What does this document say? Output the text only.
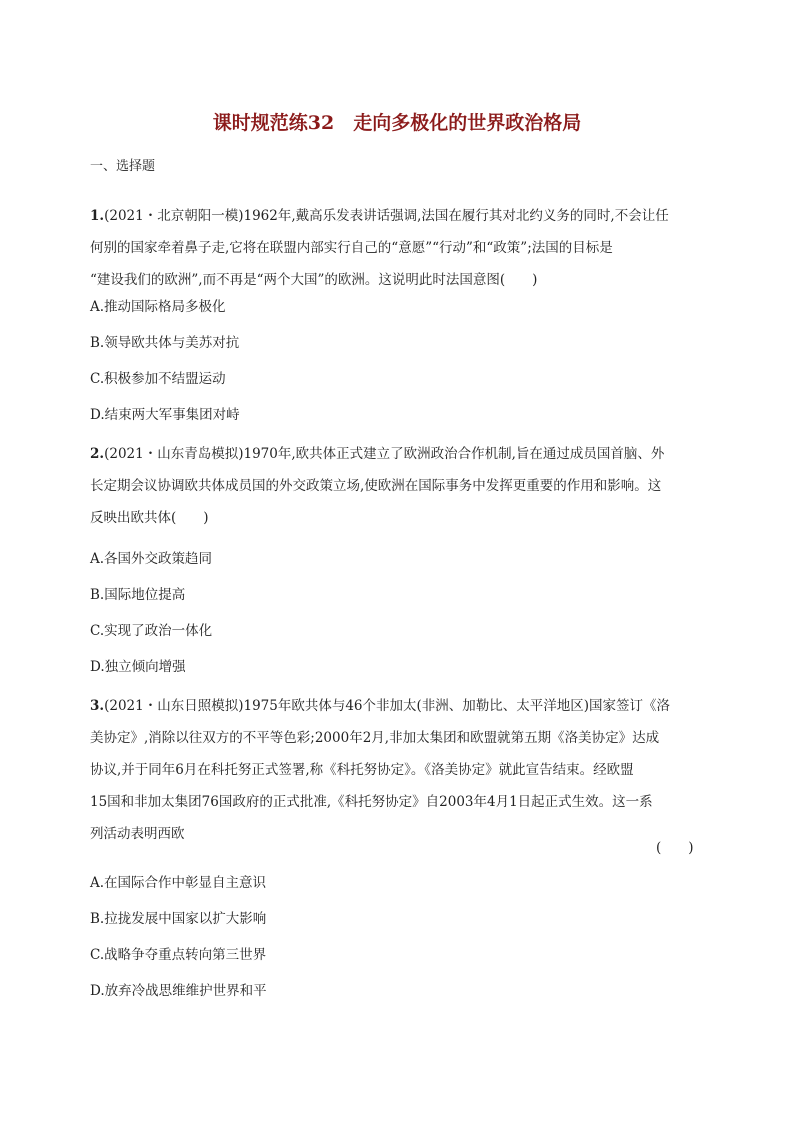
课时规范练32　走向多极化的世界政治格局
一、选择题
1.(2021・北京朝阳一模)1962年,戴高乐发表讲话强调,法国在履行其对北约义务的同时,不会让任
何别的国家牵着鼻子走,它将在联盟内部实行自己的“意愿”“行动”和“政策”;法国的目标是
“建设我们的欧洲”,而不再是“两个大国”的欧洲。这说明此时法国意图(　　)
A.推动国际格局多极化
B.领导欧共体与美苏对抗
C.积极参加不结盟运动
D.结束两大军事集团对峙
2.(2021・山东青岛模拟)1970年,欧共体正式建立了欧洲政治合作机制,旨在通过成员国首脑、外
长定期会议协调欧共体成员国的外交政策立场,使欧洲在国际事务中发挥更重要的作用和影响。这
反映出欧共体(　　)
A.各国外交政策趋同
B.国际地位提高
C.实现了政治一体化
D.独立倾向增强
3.(2021・山东日照模拟)1975年欧共体与46个非加太(非洲、加勒比、太平洋地区)国家签订《洛
美协定》,消除以往双方的不平等色彩;2000年2月,非加太集团和欧盟就第五期《洛美协定》达成
协议,并于同年6月在科托努正式签署,称《科托努协定》。《洛美协定》就此宣告结束。经欧盟
15国和非加太集团76国政府的正式批准,《科托努协定》自2003年4月1日起正式生效。这一系
列活动表明西欧
(　　)
A.在国际合作中彰显自主意识
B.拉拢发展中国家以扩大影响
C.战略争夺重点转向第三世界
D.放弃冷战思维维护世界和平
